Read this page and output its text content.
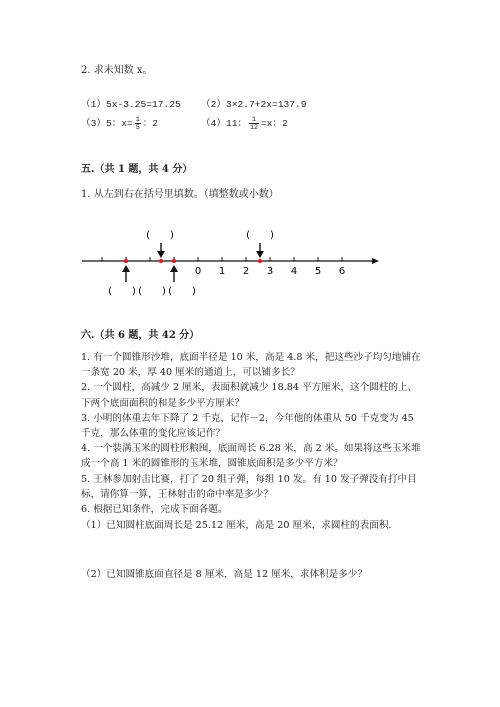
2. 求未知数 x。
（1）5x-3.25=17.25 （2）3×2.7+2x=137.9
（3）5：$x= \frac{1}{5}$ ：2	（4）11： $\frac{1}{12} =x$：2
五.（共 1 题，共 4 分）
1. 从左到右在括号里填数。（填整数或小数）
(　　)	(　　)
0 1 2 3 4 5 6
(　　) (　　) (　　)
六.（共 6 题，共 42 分）
1. 有一个圆锥形沙堆，底面半径是 10 米，高是 4.8 米，把这些沙子均匀地铺在一条宽 20 米，厚 40 厘米的通道上，可以铺多长？
2. 一个圆柱，高减少 2 厘米，表面积就减少 18.84 平方厘米，这个圆柱的上、下两个底面面积的和是多少平方厘米？
3. 小明的体重去年下降了 2 千克，记作－2，今年他的体重从 50 千克变为 45 千克，那么体重的变化应该记作？
4. 一个装满玉米的圆柱形粮囤，底面周长 6.28 米，高 2 米。如果将这些玉米堆成一个高 1 米的圆锥形的玉米堆，圆锥底面积是多少平方米？
5. 王林参加射击比赛，打了 20 组子弹，每组 10 发。有 10 发子弹没有打中目标，请你算一算，王林射击的命中率是多少？
6. 根据已知条件，完成下面各题。
（1）已知圆柱底面周长是 25.12 厘米，高是 20 厘米，求圆柱的表面积.
（2）已知圆锥底面直径是 8 厘米，高是 12 厘米，求体积是多少？
